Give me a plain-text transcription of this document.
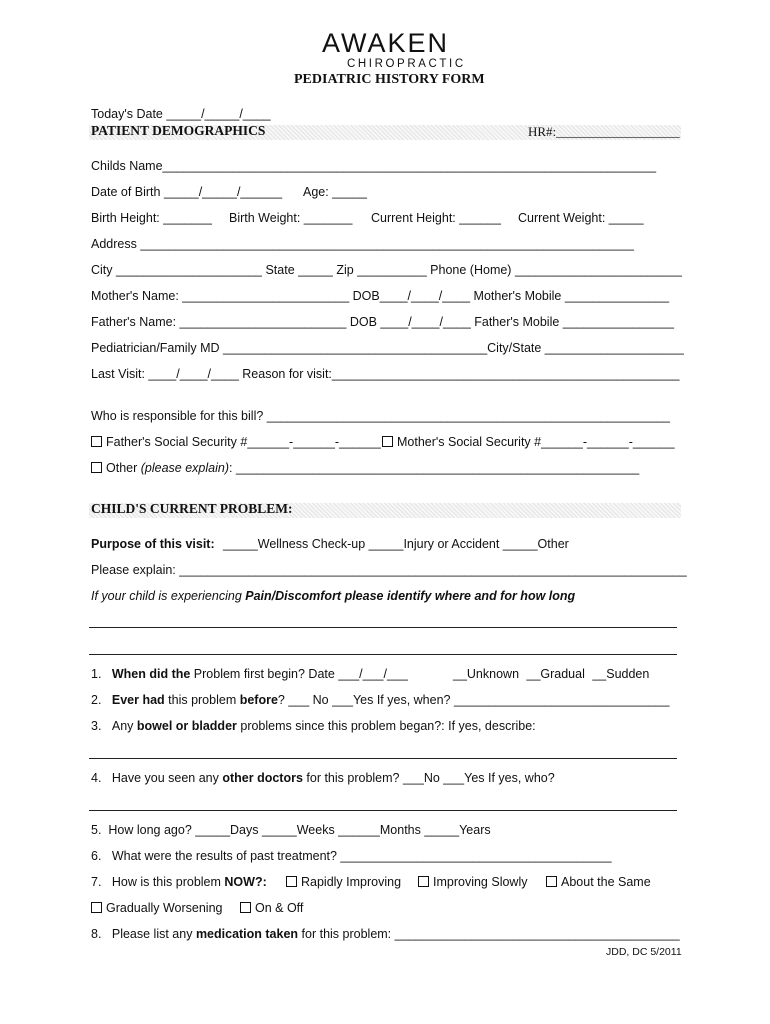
AWAKEN
CHIROPRACTIC
PEDIATRIC HISTORY FORM
Today's Date _____/_____/____
PATIENT DEMOGRAPHICS	HR#:___________________
Childs Name_______________________________________________________________________
Date of Birth _____/_____/______ Age: _____
Birth Height: _______ Birth Weight: _______ Current Height: ______ Current Weight: _____
Address _______________________________________________________________________
City _____________________ State _____ Zip __________ Phone (Home) ________________________
Mother's Name: ________________________ DOB____/____/____ Mother's Mobile _______________
Father's Name: ________________________ DOB ____/____/____ Father's Mobile ________________
Pediatrician/Family MD ______________________________________City/State ____________________
Last Visit: ____/____/____ Reason for visit:__________________________________________________
Who is responsible for this bill? __________________________________________________________
Father's Social Security #______-______-______	Mother's Social Security #______-______-______
Other (please explain): __________________________________________________________
CHILD'S CURRENT PROBLEM:
Purpose of this visit: _____Wellness Check-up _____Injury or Accident _____Other
Please explain: _________________________________________________________________________
If your child is experiencing Pain/Discomfort please identify where and for how long
1. When did the Problem first begin? Date ___/___/___	__Unknown __Gradual __Sudden
2. Ever had this problem before? ___ No ___Yes If yes, when? _______________________________
3. Any bowel or bladder problems since this problem began?: If yes, describe:
4. Have you seen any other doctors for this problem? ___No ___Yes If yes, who?
5. How long ago? _____Days _____Weeks ______Months _____Years
6. What were the results of past treatment? _______________________________________
7. How is this problem NOW?:	Rapidly Improving	Improving Slowly	About the Same
Gradually Worsening	On & Off
8. Please list any medication taken for this problem: _________________________________________
JDD, DC 5/2011
